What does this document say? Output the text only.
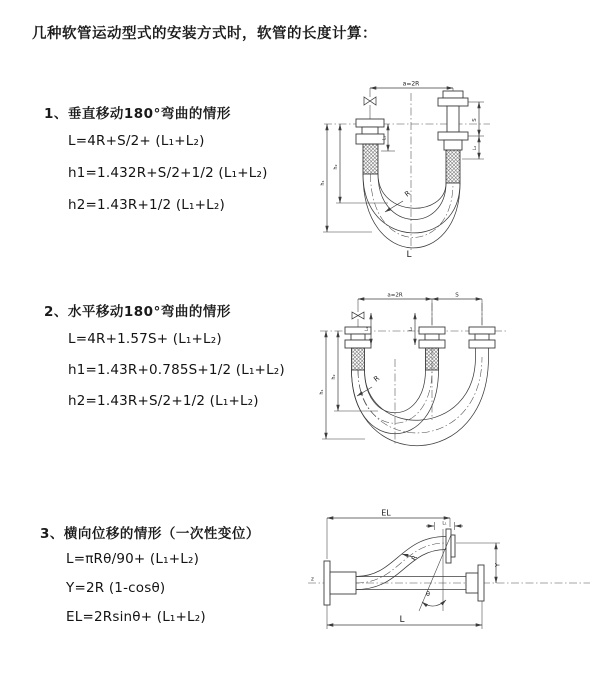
几种软管运动型式的安装方式时，软管的长度计算：
1、垂直移动180°弯曲的情形
L=4R+S/2+ (L₁+L₂)
h1=1.432R+S/2+1/2 (L₁+L₂)
h2=1.43R+1/2 (L₁+L₂)
a=2R
R
L
h₁
h₂
L₁
S
L₂
2、水平移动180°弯曲的情形
L=4R+1.57S+ (L₁+L₂)
h1=1.43R+0.785S+1/2 (L₁+L₂)
h2=1.43R+S/2+1/2 (L₁+L₂)
a=2R	S
R
h₁
h₂
L₁	L₂
3、横向位移的情形（一次性变位）
L=πRθ/90+ (L₁+L₂)
Y=2R (1-cosθ)
EL=2Rsinθ+ (L₁+L₂)
EL
L₁
z
θ
R
Y
L
